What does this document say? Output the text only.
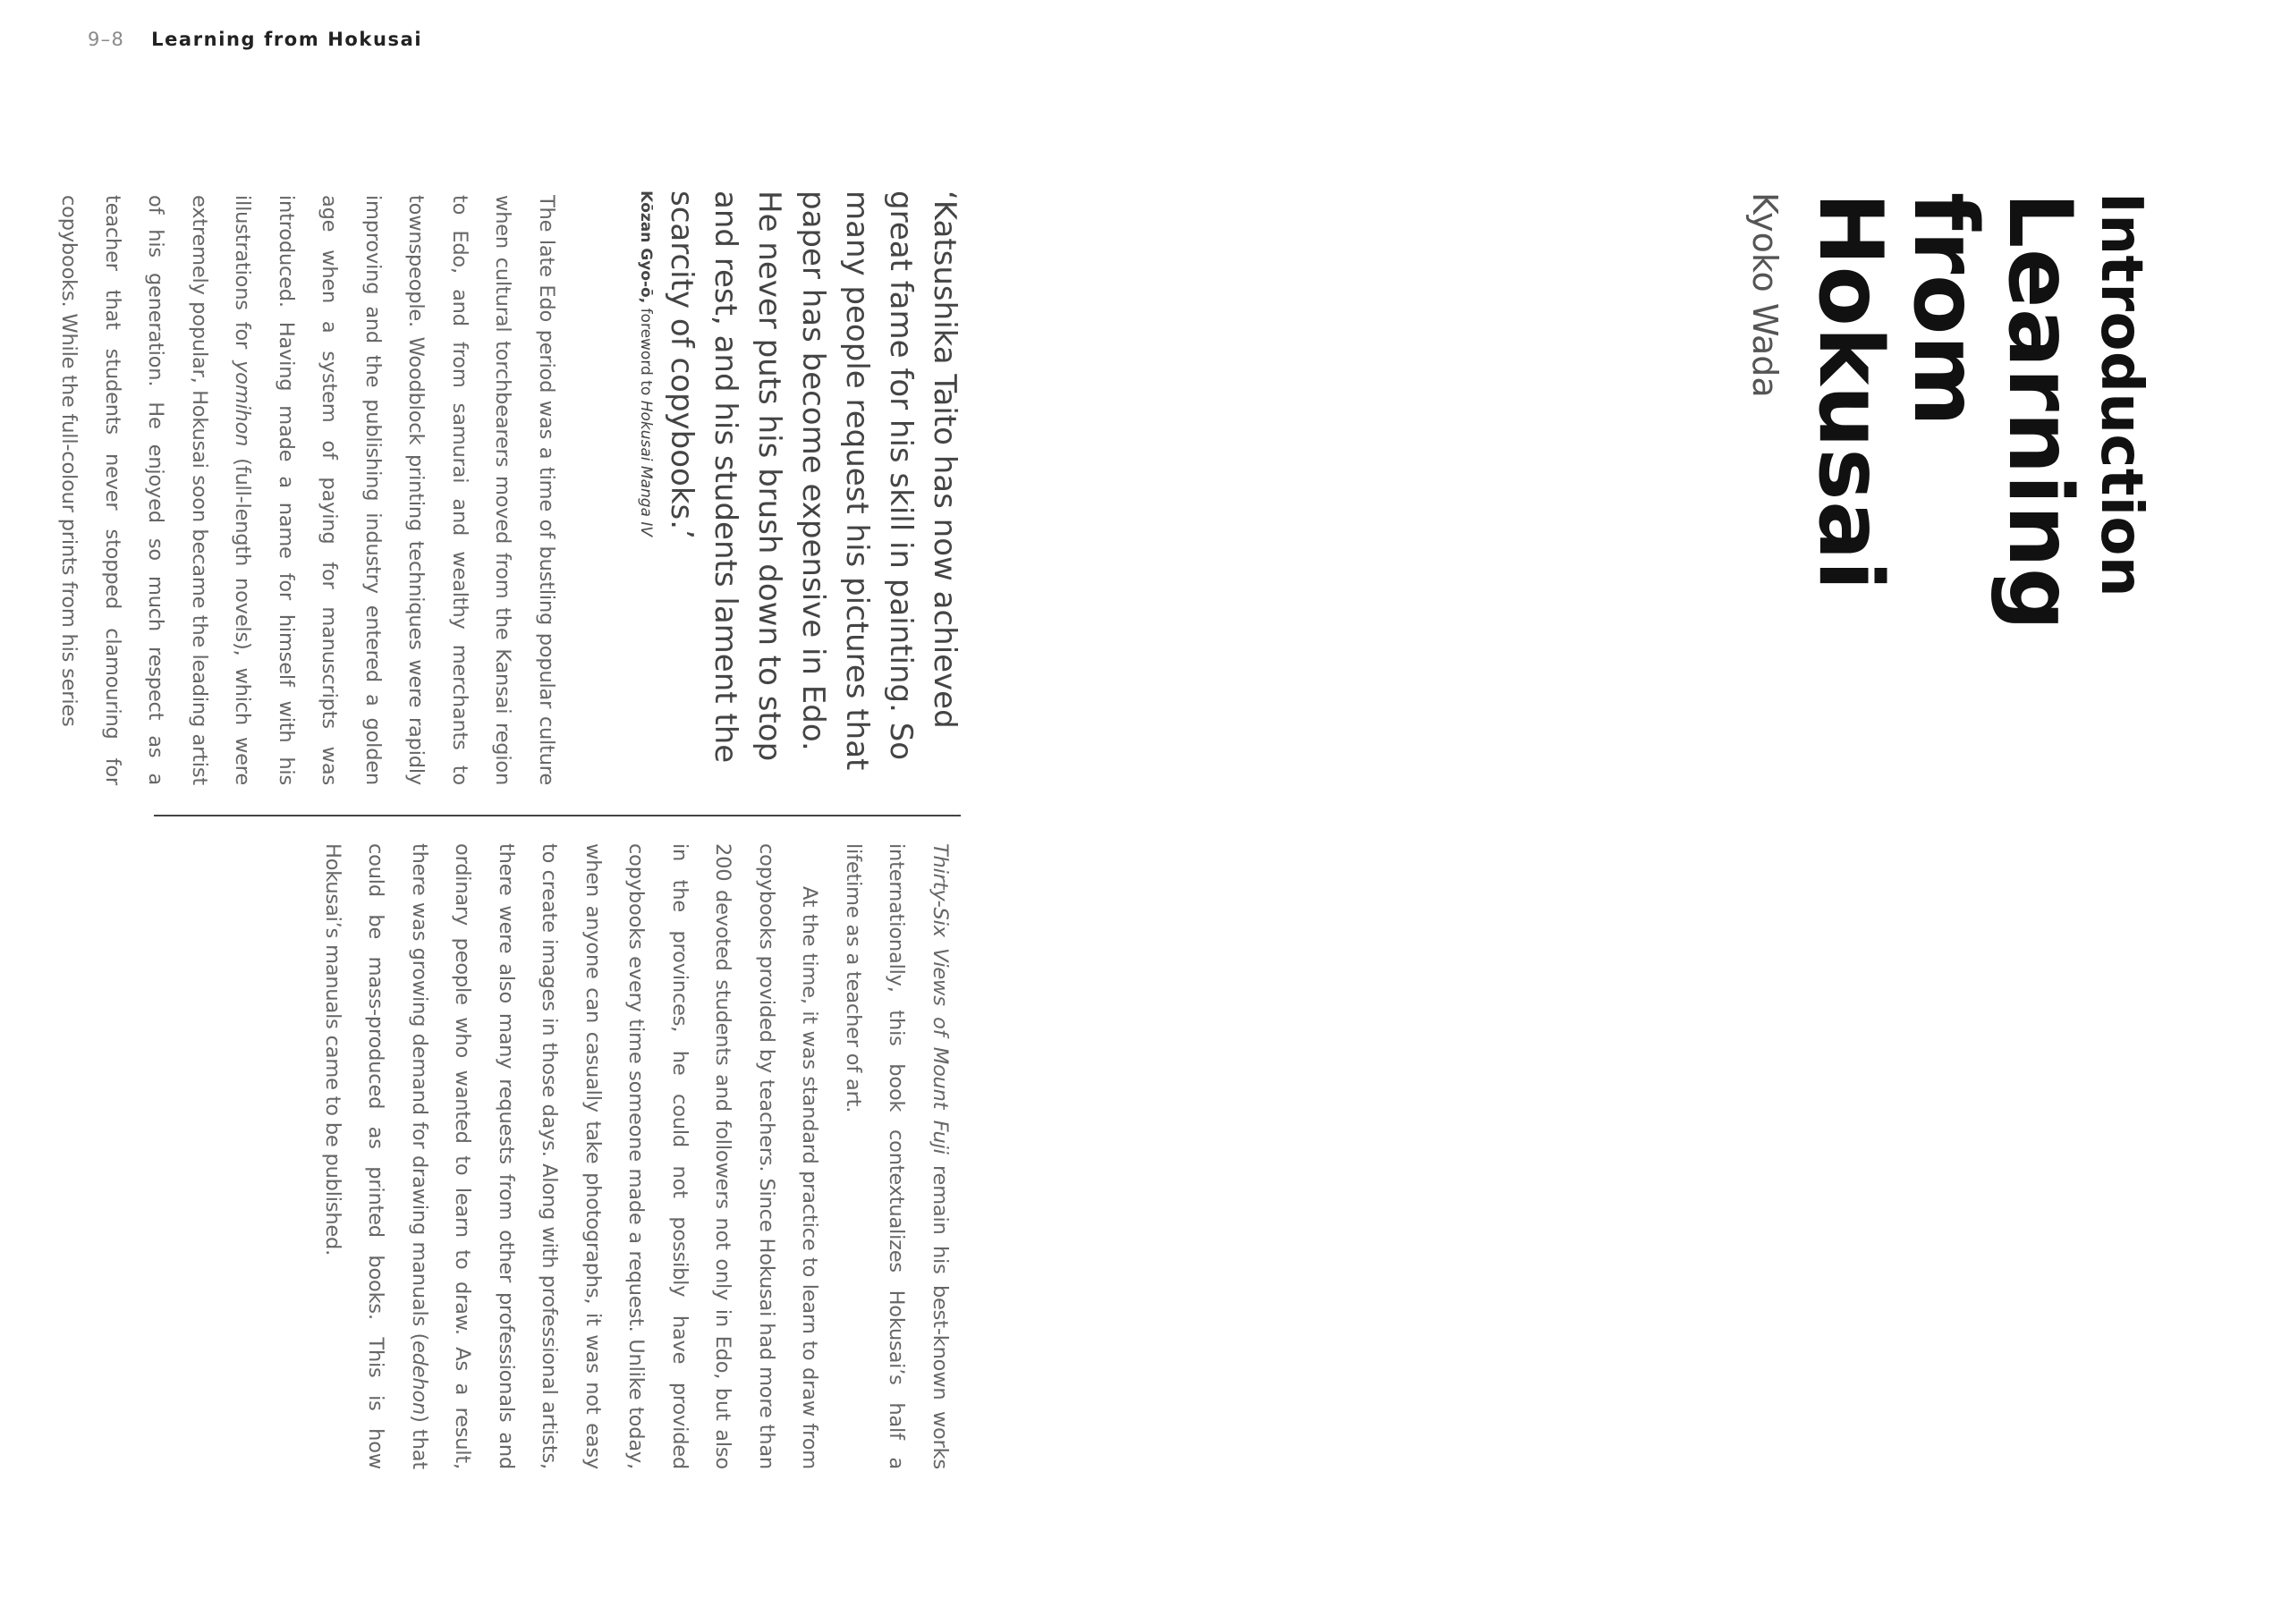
9–8 Learning from Hokusai
Introduction
Learning
from Hokusai
Kyoko Wada

‘Katsushika Taito has now achieved great fame for his skill in painting. So many people request his pictures that paper has become expensive in Edo. He never puts his brush down to stop and rest, and his students lament the scarcity of copybooks.’

Kōzan Gyo-ō, foreword to Hokusai Manga IV

The late Edo period was a time of bustling popular culture when cultural torchbearers moved from the Kansai region to Edo, and from samurai and wealthy merchants to townspeople. Woodblock printing techniques were rapidly improving and the publishing industry entered a golden age when a system of paying for manuscripts was introduced. Having made a name for himself with his illustrations for yomihon (full-length novels), which were extremely popular, Hokusai soon became the leading artist of his generation. He enjoyed so much respect as a teacher that students never stopped clamouring for copybooks. While the full-colour prints from his series

Thirty-Six Views of Mount Fuji remain his best-known works internationally, this book contextualizes Hokusai’s half a lifetime as a teacher of art.

At the time, it was standard practice to learn to draw from copybooks provided by teachers. Since Hokusai had more than 200 devoted students and followers not only in Edo, but also in the provinces, he could not possibly have provided copybooks every time someone made a request. Unlike today, when anyone can casually take photographs, it was not easy to create images in those days. Along with professional artists, there were also many requests from other professionals and ordinary people who wanted to learn to draw. As a result, there was growing demand for drawing manuals (edehon) that could be mass-produced as printed books. This is how Hokusai’s manuals came to be published.
